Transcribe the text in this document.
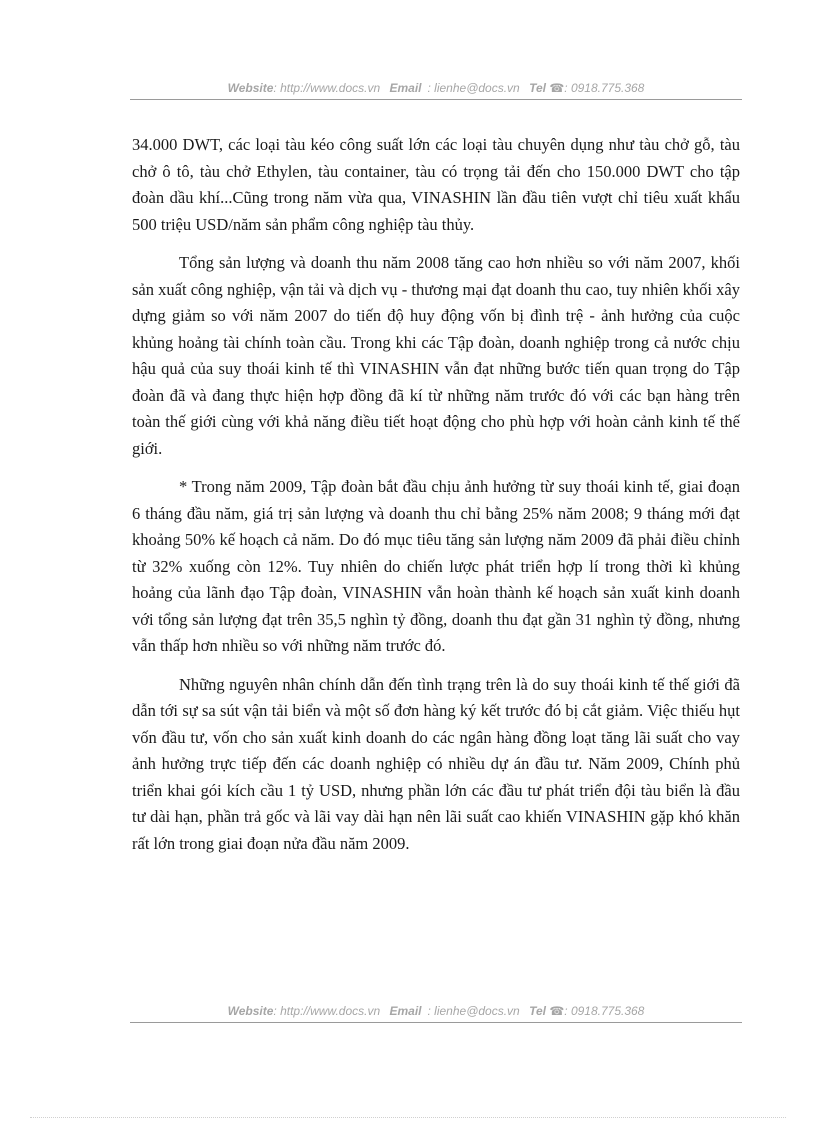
Website: http://www.docs.vn Email : lienhe@docs.vn Tel ☎: 0918.775.368

34.000 DWT, các loại tàu kéo công suất lớn các loại tàu chuyên dụng như tàu chở gỗ, tàu chở ô tô, tàu chở Ethylen, tàu container, tàu có trọng tải đến cho 150.000 DWT cho tập đoàn dầu khí...Cũng trong năm vừa qua, VINASHIN lần đầu tiên vượt chỉ tiêu xuất khẩu 500 triệu USD/năm sản phẩm công nghiệp tàu thủy.

Tổng sản lượng và doanh thu năm 2008 tăng cao hơn nhiều so với năm 2007, khối sản xuất công nghiệp, vận tải và dịch vụ - thương mại đạt doanh thu cao, tuy nhiên khối xây dựng giảm so với năm 2007 do tiến độ huy động vốn bị đình trệ - ảnh hưởng của cuộc khủng hoảng tài chính toàn cầu. Trong khi các Tập đoàn, doanh nghiệp trong cả nước chịu hậu quả của suy thoái kinh tế thì VINASHIN vẫn đạt những bước tiến quan trọng do Tập đoàn đã và đang thực hiện hợp đồng đã kí từ những năm trước đó với các bạn hàng trên toàn thế giới cùng với khả năng điều tiết hoạt động cho phù hợp với hoàn cảnh kinh tế thế giới.

* Trong năm 2009, Tập đoàn bắt đầu chịu ảnh hưởng từ suy thoái kinh tế, giai đoạn 6 tháng đầu năm, giá trị sản lượng và doanh thu chỉ bằng 25% năm 2008; 9 tháng mới đạt khoảng 50% kế hoạch cả năm. Do đó mục tiêu tăng sản lượng năm 2009 đã phải điều chỉnh từ 32% xuống còn 12%. Tuy nhiên do chiến lược phát triển hợp lí trong thời kì khủng hoảng của lãnh đạo Tập đoàn, VINASHIN vẫn hoàn thành kế hoạch sản xuất kinh doanh với tổng sản lượng đạt trên 35,5 nghìn tỷ đồng, doanh thu đạt gần 31 nghìn tỷ đồng, nhưng vẫn thấp hơn nhiều so với những năm trước đó.

Những nguyên nhân chính dẫn đến tình trạng trên là do suy thoái kinh tế thế giới đã dẫn tới sự sa sút vận tải biển và một số đơn hàng ký kết trước đó bị cắt giảm. Việc thiếu hụt vốn đầu tư, vốn cho sản xuất kinh doanh do các ngân hàng đồng loạt tăng lãi suất cho vay ảnh hưởng trực tiếp đến các doanh nghiệp có nhiều dự án đầu tư. Năm 2009, Chính phủ triển khai gói kích cầu 1 tỷ USD, nhưng phần lớn các đầu tư phát triển đội tàu biển là đầu tư dài hạn, phần trả gốc và lãi vay dài hạn nên lãi suất cao khiến VINASHIN gặp khó khăn rất lớn trong giai đoạn nửa đầu năm 2009.

Website: http://www.docs.vn Email : lienhe@docs.vn Tel ☎: 0918.775.368
